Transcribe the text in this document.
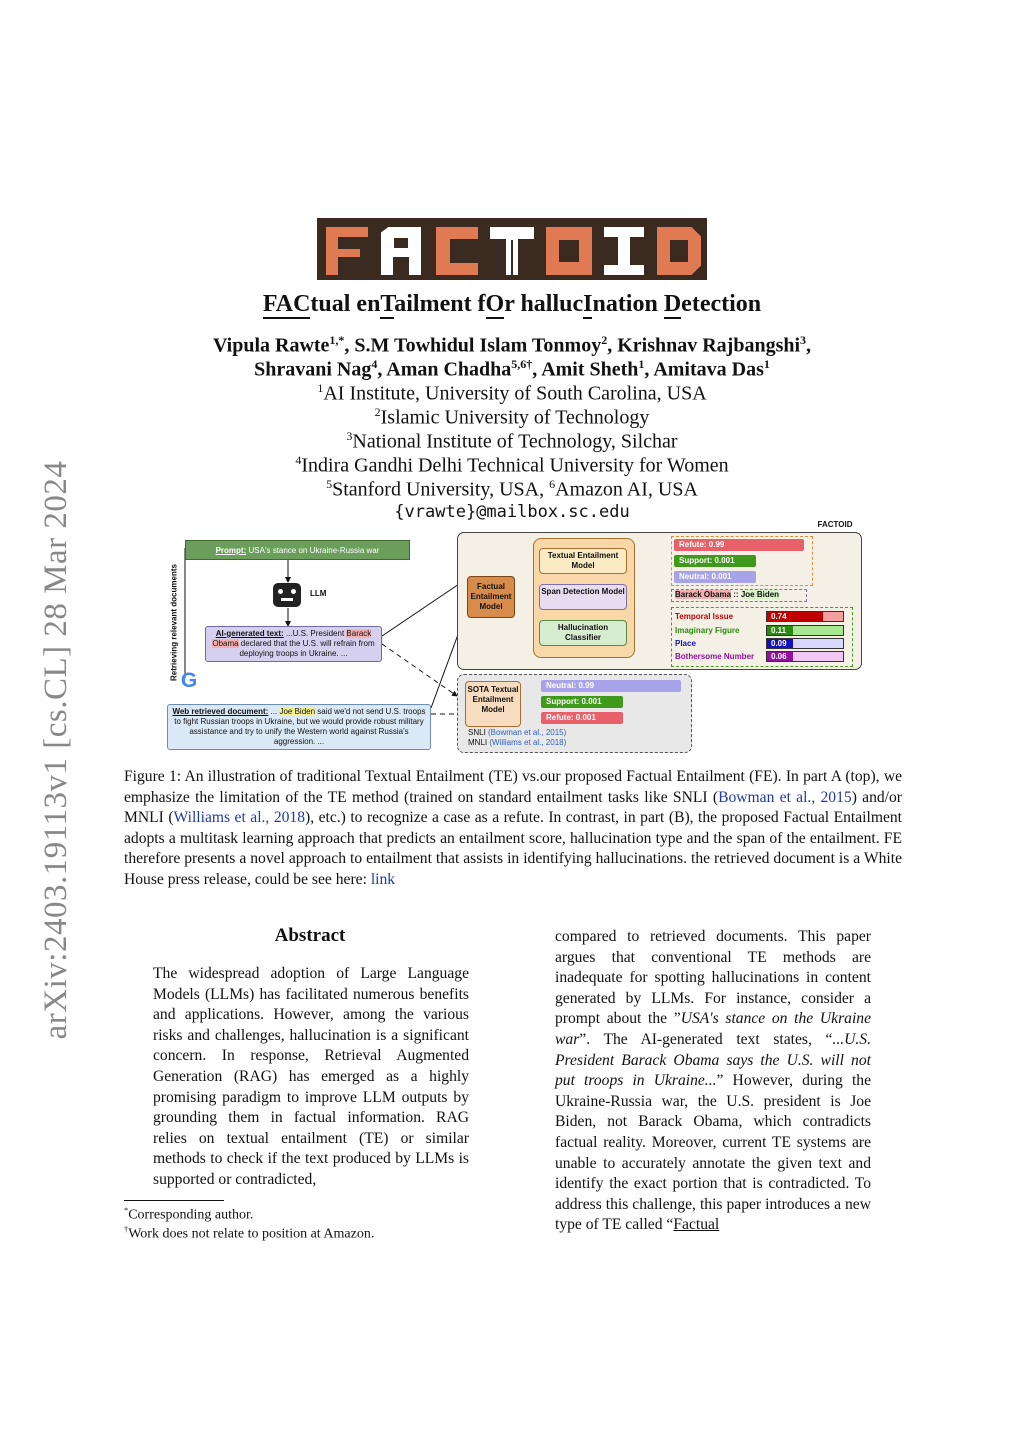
arXiv:2403.19113v1 [cs.CL] 28 Mar 2024
FACtual enTailment fOr hallucInation Detection
Vipula Rawte$^{1,*}$, S.M Towhidul Islam Tonmoy$^2$, Krishnav Rajbangshi$^3$,
Shravani Nag$^4$, Aman Chadha$^{5,6\dagger}$, Amit Sheth$^1$, Amitava Das$^1$
$^1$AI Institute, University of South Carolina, USA
$^2$Islamic University of Technology
$^3$National Institute of Technology, Silchar
$^4$Indira Gandhi Delhi Technical University for Women
$^5$Stanford University, USA, $^6$Amazon AI, USA
{vrawte}@mailbox.sc.edu
FACTOID
Prompt: USA's stance on Ukraine-Russia war
Retrieving relevant documents	LLM
AI-generated text: ...U.S. President Barack Obama declared that the U.S. will refrain from deploying troops in Ukraine. ...
G
Web retrieved document: ... Joe Biden said we'd not send U.S. troops to fight Russian troops in Ukraine, but we would provide robust military assistance and try to unify the Western world against Russia's aggression. ...
Factual Entailment Model
Textual Entailment Model
Span Detection Model
Hallucination Classifier
Refute: 0.99
Support: 0.001
Neutral: 0.001
Barack Obama :: Joe Biden
Temporal Issue
Imaginary Figure
Place
Bothersome Number
0.74
0.11
0.09
0.06
SOTA Textual Entailment Model
Neutral: 0.99
Support: 0.001
Refute: 0.001
SNLI (Bowman et al., 2015)
MNLI (Williams et al., 2018)
Figure 1: An illustration of traditional Textual Entailment (TE) vs.our proposed Factual Entailment (FE). In part A (top), we emphasize the limitation of the TE method (trained on standard entailment tasks like SNLI (Bowman et al., 2015) and/or MNLI (Williams et al., 2018), etc.) to recognize a case as a refute. In contrast, in part (B), the proposed Factual Entailment adopts a multitask learning approach that predicts an entailment score, hallucination type and the span of the entailment. FE therefore presents a novel approach to entailment that assists in identifying hallucinations. the retrieved document is a White House press release, could be see here: link
Abstract
The widespread adoption of Large Language Models (LLMs) has facilitated numerous benefits and applications. However, among the various risks and challenges, hallucination is a significant concern. In response, Retrieval Augmented Generation (RAG) has emerged as a highly promising paradigm to improve LLM outputs by grounding them in factual information. RAG relies on textual entailment (TE) or similar methods to check if the text produced by LLMs is supported or contradicted,
compared to retrieved documents. This paper argues that conventional TE methods are inadequate for spotting hallucinations in content generated by LLMs. For instance, consider a prompt about the ”USA's stance on the Ukraine war”. The AI-generated text states, “...U.S. President Barack Obama says the U.S. will not put troops in Ukraine...” However, during the Ukraine-Russia war, the U.S. president is Joe Biden, not Barack Obama, which contradicts factual reality. Moreover, current TE systems are unable to accurately annotate the given text and identify the exact portion that is contradicted. To address this challenge, this paper introduces a new type of TE called “Factual
*Corresponding author.
†Work does not relate to position at Amazon.
